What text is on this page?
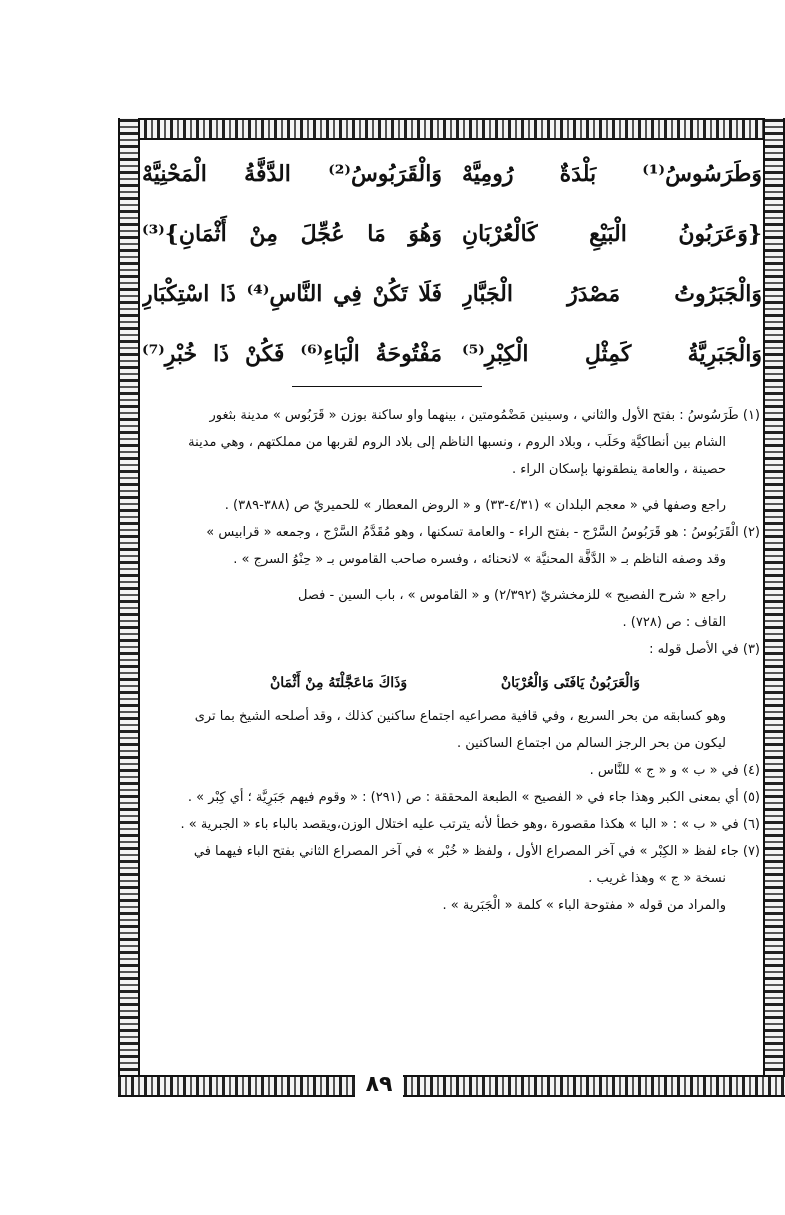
٨٩
وَطَرَسُوسُ⁽¹⁾ بَلْدَةٌ رُومِيَّهْ
وَالْقَرَبُوسُ⁽²⁾ الدَّفَّةُ الْمَحْنِيَّهْ
{وَعَرَبُونُ الْبَيْعِ كَالْعُرْبَانِ
وَهُوَ مَا عُجِّلَ مِنْ أَثْمَانِ}⁽³⁾
وَالْجَبَرُوتُ مَصْدَرُ الْجَبَّارِ
فَلَا تَكُنْ فِي النَّاسِ⁽⁴⁾ ذَا اسْتِكْبَارِ
وَالْجَبَرِيَّةُ كَمِثْلِ الْكِبْرِ⁽⁵⁾
مَفْتُوحَةُ الْبَاءِ⁽⁶⁾ فَكُنْ ذَا خُبْرِ⁽⁷⁾

(١) طَرَسُوسُ : بفتح الأول والثاني ، وسينين مَضْمُومتين ، بينهما واو ساكنة بوزن « قَرَبُوس » مدينة بثغور

الشام بين أنطاكيَّة وحَلَب ، وبلاد الروم ، ونسبها الناظم إلى بلاد الروم لقربها من مملكتهم ، وهي مدينة

حصينة ، والعامة ينطقونها بإسكان الراء .

راجع وصفها في « معجم البلدان » (٤/٣١-٣٣) و « الروض المعطار » للحميريّ ص (٣٨٨-٣٨٩) .

(٢) الْقَرَبُوسُ : هو قَرَبُوسُ السَّرْج - بفتح الراء - والعامة تسكنها ، وهو مُقَدَّمُ السَّرْج ، وجمعه « قرابيس »

وقد وصفه الناظم بـ « الدَّفَّة المحنيَّة » لانحنائه ، وفسره صاحب القاموس بـ « حِنْوُ السرج » .

راجع « شرح الفصيح » للزمخشريّ (٢/٣٩٢) و « القاموس » ، باب السين - فصل

القاف : ص (٧٢٨) .

(٣) في الأصل قوله :

وَالْعَرَبُونُ يَافَتَى وَالْعُرْبَانْ
وَذَاكَ مَاعَجَّلْتَهُ مِنْ أَثْمَانْ

وهو كسابقه من بحر السريع ، وفي قافية مصراعيه اجتماع ساكنين كذلك ، وقد أصلحه الشيخ بما ترى

ليكون من بحر الرجز السالم من اجتماع الساكنين .

(٤) في « ب » و « ج » للنَّاس .

(٥) أي بمعنى الكبر وهذا جاء في « الفصيح » الطبعة المحققة : ص (٢٩١) : « وقوم فيهم جَبَرِيَّة ؛ أي كِبْر » .

(٦) في « ب » : « البا » هكذا مقصورة ،وهو خطأ لأنه يترتب عليه اختلال الوزن،ويقصد بالباء باء « الجبرية » .

(٧) جاء لفظ « الكِبْر » في آخر المصراع الأول ، ولفظ « خُبْر » في آخر المصراع الثاني بفتح الباء فيهما في

نسخة « ج » وهذا غريب .

والمراد من قوله « مفتوحة الباء » كلمة « الْجَبَرية » .
